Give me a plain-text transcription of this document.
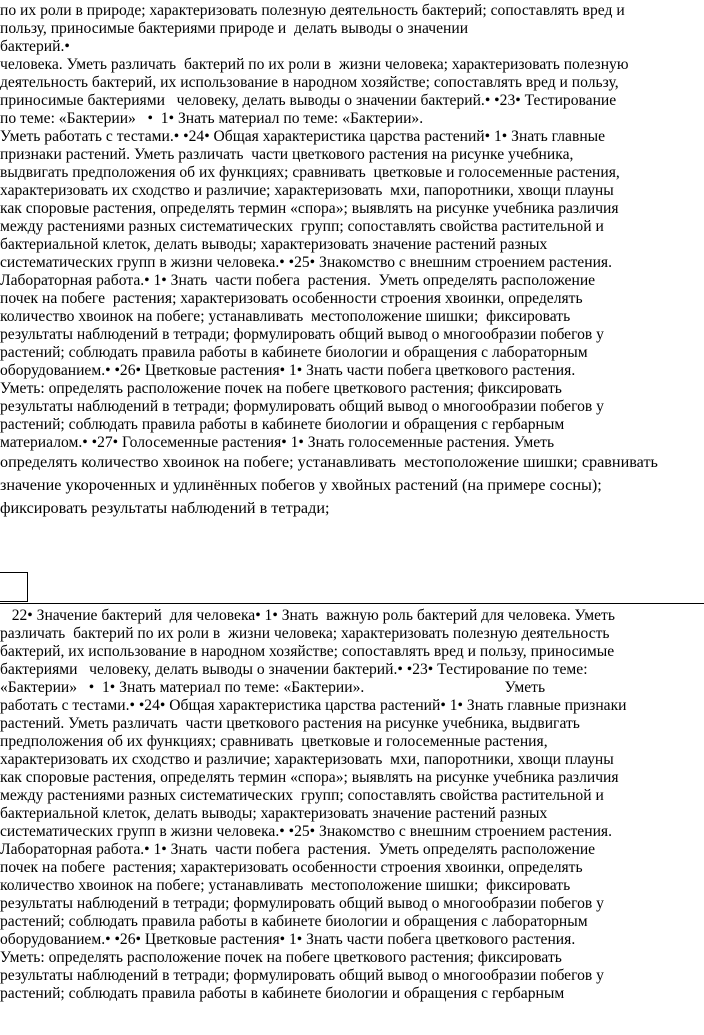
по их роли в природе; характеризовать полезную деятельность бактерий; сопоставлять вред и
пользу, приносимые бактериями природе и  делать выводы о значении
бактерий.•
человека. Уметь различать  бактерий по их роли в  жизни человека; характеризовать полезную
деятельность бактерий, их использование в народном хозяйстве; сопоставлять вред и пользу,
приносимые бактериями   человеку, делать выводы о значении бактерий.• •23• Тестирование
по теме: «Бактерии»   •  1• Знать материал по теме: «Бактерии».
Уметь работать с тестами.• •24• Общая характеристика царства растений• 1• Знать главные
признаки растений. Уметь различать  части цветкового растения на рисунке учебника,
выдвигать предположения об их функциях; сравнивать  цветковые и голосеменные растения,
характеризовать их сходство и различие; характеризовать  мхи, папоротники, хвощи плауны
как споровые растения, определять термин «спора»; выявлять на рисунке учебника различия
между растениями разных систематических  групп; сопоставлять свойства растительной и
бактериальной клеток, делать выводы; характеризовать значение растений разных
систематических групп в жизни человека.• •25• Знакомство с внешним строением растения.
Лабораторная работа.• 1• Знать  части побега  растения.  Уметь определять расположение
почек на побеге  растения; характеризовать особенности строения хвоинки, определять
количество хвоинок на побеге; устанавливать  местоположение шишки;  фиксировать
результаты наблюдений в тетради; формулировать общий вывод о многообразии побегов у
растений; соблюдать правила работы в кабинете биологии и обращения с лабораторным
оборудованием.• •26• Цветковые растения• 1• Знать части побега цветкового растения.
Уметь: определять расположение почек на побеге цветкового растения; фиксировать
результаты наблюдений в тетради; формулировать общий вывод о многообразии побегов у
растений; соблюдать правила работы в кабинете биологии и обращения с гербарным
материалом.• •27• Голосеменные растения• 1• Знать голосеменные растения. Уметь
определять количество хвоинок на побеге; устанавливать  местоположение шишки; сравнивать
значение укороченных и удлинённых побегов у хвойных растений (на примере сосны);
фиксировать результаты наблюдений в тетради;
22• Значение бактерий  для человека• 1• Знать  важную роль бактерий для человека. Уметь
различать  бактерий по их роли в  жизни человека; характеризовать полезную деятельность
бактерий, их использование в народном хозяйстве; сопоставлять вред и пользу, приносимые
бактериями   человеку, делать выводы о значении бактерий.• •23• Тестирование по теме:
«Бактерии»   •  1• Знать материал по теме: «Бактерии».                                    Уметь
работать с тестами.• •24• Общая характеристика царства растений• 1• Знать главные признаки
растений. Уметь различать  части цветкового растения на рисунке учебника, выдвигать
предположения об их функциях; сравнивать  цветковые и голосеменные растения,
характеризовать их сходство и различие; характеризовать  мхи, папоротники, хвощи плауны
как споровые растения, определять термин «спора»; выявлять на рисунке учебника различия
между растениями разных систематических  групп; сопоставлять свойства растительной и
бактериальной клеток, делать выводы; характеризовать значение растений разных
систематических групп в жизни человека.• •25• Знакомство с внешним строением растения.
Лабораторная работа.• 1• Знать  части побега  растения.  Уметь определять расположение
почек на побеге  растения; характеризовать особенности строения хвоинки, определять
количество хвоинок на побеге; устанавливать  местоположение шишки;  фиксировать
результаты наблюдений в тетради; формулировать общий вывод о многообразии побегов у
растений; соблюдать правила работы в кабинете биологии и обращения с лабораторным
оборудованием.• •26• Цветковые растения• 1• Знать части побега цветкового растения.
Уметь: определять расположение почек на побеге цветкового растения; фиксировать
результаты наблюдений в тетради; формулировать общий вывод о многообразии побегов у
растений; соблюдать правила работы в кабинете биологии и обращения с гербарным
